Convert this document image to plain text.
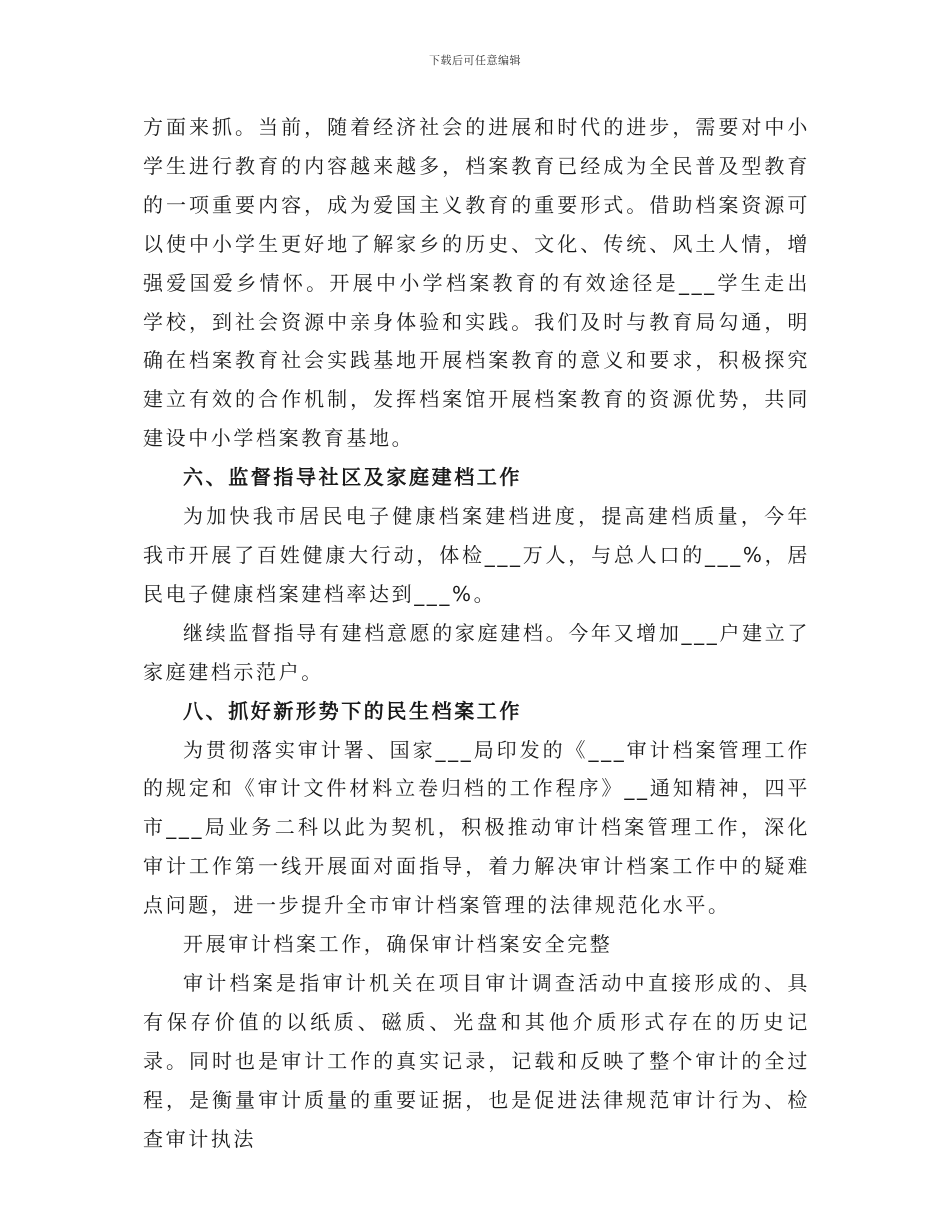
下载后可任意编辑

方面来抓。当前，随着经济社会的进展和时代的进步，需要对中小学生进行教育的内容越来越多，档案教育已经成为全民普及型教育的一项重要内容，成为爱国主义教育的重要形式。借助档案资源可以使中小学生更好地了解家乡的历史、文化、传统、风土人情，增强爱国爱乡情怀。开展中小学档案教育的有效途径是___学生走出学校，到社会资源中亲身体验和实践。我们及时与教育局勾通，明确在档案教育社会实践基地开展档案教育的意义和要求，积极探究建立有效的合作机制，发挥档案馆开展档案教育的资源优势，共同建设中小学档案教育基地。

六、监督指导社区及家庭建档工作

为加快我市居民电子健康档案建档进度，提高建档质量，今年我市开展了百姓健康大行动，体检___万人，与总人口的___%，居民电子健康档案建档率达到___%。

继续监督指导有建档意愿的家庭建档。今年又增加___户建立了家庭建档示范户。

八、抓好新形势下的民生档案工作

为贯彻落实审计署、国家___局印发的《___审计档案管理工作的规定和《审计文件材料立卷归档的工作程序》__通知精神，四平市___局业务二科以此为契机，积极推动审计档案管理工作，深化审计工作第一线开展面对面指导，着力解决审计档案工作中的疑难点问题，进一步提升全市审计档案管理的法律规范化水平。

开展审计档案工作，确保审计档案安全完整

审计档案是指审计机关在项目审计调查活动中直接形成的、具有保存价值的以纸质、磁质、光盘和其他介质形式存在的历史记录。同时也是审计工作的真实记录，记载和反映了整个审计的全过程，是衡量审计质量的重要证据，也是促进法律规范审计行为、检查审计执法
